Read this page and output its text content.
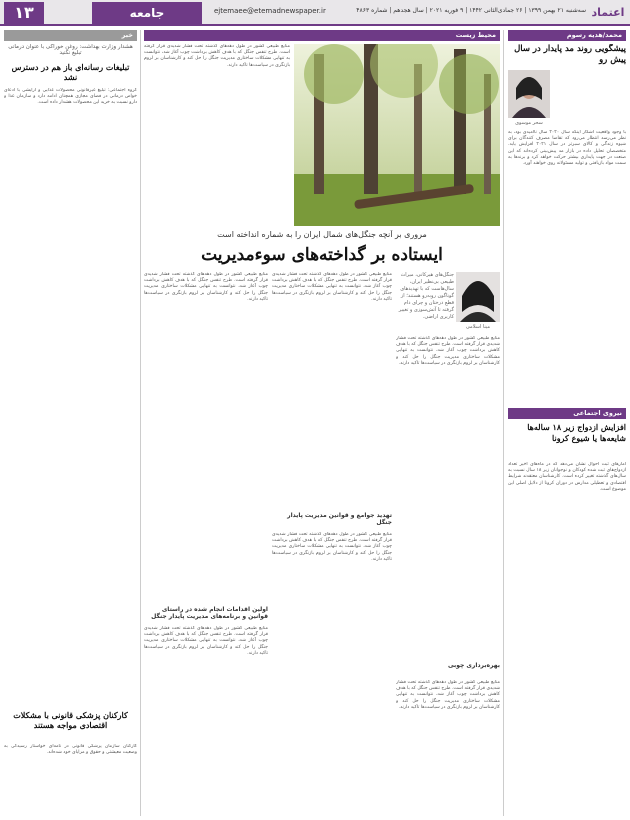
۱۳	جامعه	ejtemaee@etemadnewspaper.ir	سه‌شنبه ۲۱ بهمن ۱۳۹۹ | ۲۶ جمادی‌الثانی ۱۴۴۲ | ۹ فوریه ۲۰۲۱ | سال هجدهم | شماره ۴۸۶۳ اعتماد
محمد/هدیه رسوم
پیشگویی روند مد پایدار در سال پیش رو
سحر موسوی
با وجود واقعیت آشکار اینکه سال ۲۰۲۰ سال ناامیدی بود، به نظر می‌رسد انتظار می‌رود که تقاضا مصرف کنندگان برای شیوه زندگی و کالای سبزتر در سال ۲۰۲۱ افزایش یابد. متخصصان تحلیل داده در بازار مد پیش‌بینی کرده‌اند که این صنعت در جهت پایداری بیشتر حرکت خواهد کرد و برندها به سمت مواد بازیافتی و تولید مسئولانه روی خواهند آورد.
نیروی اجتماعی
افزایش ازدواج زیر ۱۸ ساله‌ها شایعه‌ها یا شیوع کرونا
آمارهای ثبت احوال نشان می‌دهد که در ماه‌های اخیر تعداد ازدواج‌های ثبت شده کودکان و نوجوانان زیر ۱۸ سال نسبت به سال‌های گذشته تغییر کرده است. کارشناسان معتقدند شرایط اقتصادی و تعطیلی مدارس در دوران کرونا از دلایل اصلی این موضوع است.
محیط زیست
منابع طبیعی کشور در طول دهه‌های گذشته تحت فشار شدیدی قرار گرفته است. طرح تنفس جنگل که با هدف کاهش برداشت چوب آغاز شد، نتوانست به تنهایی مشکلات ساختاری مدیریت جنگل را حل کند و کارشناسان بر لزوم بازنگری در سیاست‌ها تاکید دارند.
مروری بر آنچه جنگل‌های شمال ایران را به شماره انداخته است
ایستاده بر گداخته‌های سوءمدیریت
مینا اسلامی
جنگل‌های هیرکانی، میراث طبیعی بی‌نظیر ایران، سال‌هاست که با تهدیدهای گوناگون روبه‌رو هستند؛ از قطع درختان و چرای دام گرفته تا آتش‌سوزی و تغییر کاربری اراضی.
منابع طبیعی کشور در طول دهه‌های گذشته تحت فشار شدیدی قرار گرفته است. طرح تنفس جنگل که با هدف کاهش برداشت چوب آغاز شد، نتوانست به تنهایی مشکلات ساختاری مدیریت جنگل را حل کند و کارشناسان بر لزوم بازنگری در سیاست‌ها تاکید دارند.
بهره‌برداری چوبی
منابع طبیعی کشور در طول دهه‌های گذشته تحت فشار شدیدی قرار گرفته است. طرح تنفس جنگل که با هدف کاهش برداشت چوب آغاز شد، نتوانست به تنهایی مشکلات ساختاری مدیریت جنگل را حل کند و کارشناسان بر لزوم بازنگری در سیاست‌ها تاکید دارند.
منابع طبیعی کشور در طول دهه‌های گذشته تحت فشار شدیدی قرار گرفته است. طرح تنفس جنگل که با هدف کاهش برداشت چوب آغاز شد، نتوانست به تنهایی مشکلات ساختاری مدیریت جنگل را حل کند و کارشناسان بر لزوم بازنگری در سیاست‌ها تاکید دارند.
تهدید جوامع و قوانین مدیریت پایدار جنگل
منابع طبیعی کشور در طول دهه‌های گذشته تحت فشار شدیدی قرار گرفته است. طرح تنفس جنگل که با هدف کاهش برداشت چوب آغاز شد، نتوانست به تنهایی مشکلات ساختاری مدیریت جنگل را حل کند و کارشناسان بر لزوم بازنگری در سیاست‌ها تاکید دارند.
منابع طبیعی کشور در طول دهه‌های گذشته تحت فشار شدیدی قرار گرفته است. طرح تنفس جنگل که با هدف کاهش برداشت چوب آغاز شد، نتوانست به تنهایی مشکلات ساختاری مدیریت جنگل را حل کند و کارشناسان بر لزوم بازنگری در سیاست‌ها تاکید دارند.
اولین اقدامات انجام شده در راستای قوانین و برنامه‌های مدیریت پایدار جنگل
منابع طبیعی کشور در طول دهه‌های گذشته تحت فشار شدیدی قرار گرفته است. طرح تنفس جنگل که با هدف کاهش برداشت چوب آغاز شد، نتوانست به تنهایی مشکلات ساختاری مدیریت جنگل را حل کند و کارشناسان بر لزوم بازنگری در سیاست‌ها تاکید دارند.
خبر
هشدار وزارت بهداشت: روغن خوراکی با عنوان درمانی تبلیغ نکنید
تبلیغات رسانه‌ای باز هم در دسترس نشد
گروه اجتماعی: تبلیغ غیرقانونی محصولات غذایی و آرایشی با ادعای خواص درمانی در فضای مجازی همچنان ادامه دارد و سازمان غذا و دارو نسبت به خرید این محصولات هشدار داده است.
کارکنان پزشکی قانونی با مشکلات اقتصادی مواجه هستند
کارکنان سازمان پزشکی قانونی در نامه‌ای خواستار رسیدگی به وضعیت معیشتی و حقوق و مزایای خود شده‌اند.
